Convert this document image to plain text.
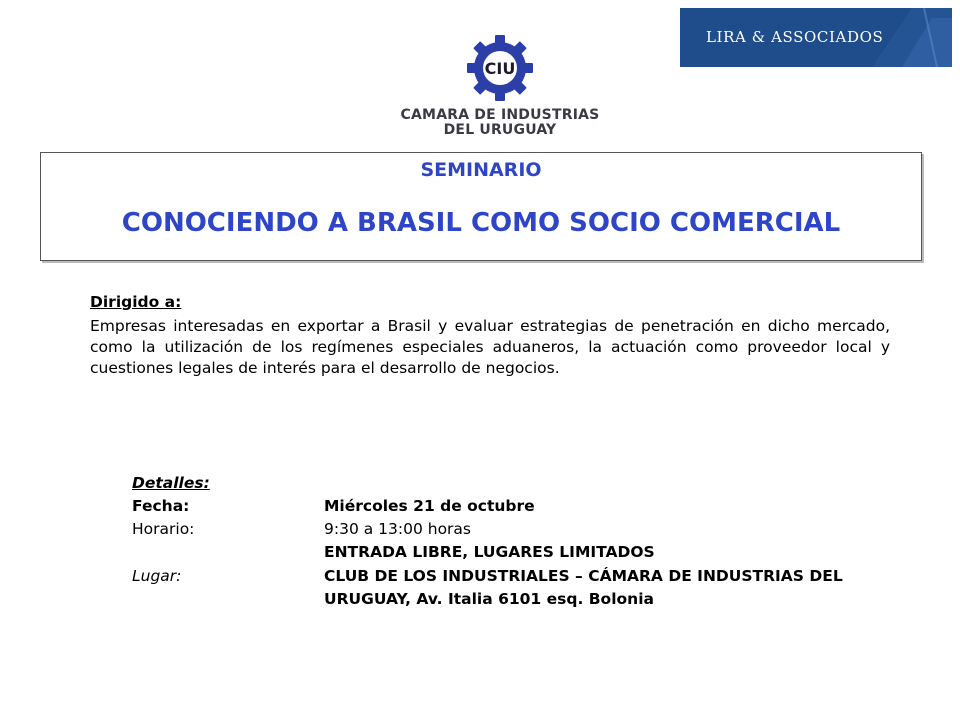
CIU
CAMARA DE INDUSTRIAS
DEL URUGUAY
LIRA & ASSOCIADOS
SEMINARIO
CONOCIENDO A BRASIL COMO SOCIO COMERCIAL
Dirigido a:
Empresas interesadas en exportar a Brasil y evaluar estrategias de penetración en dicho mercado, como la utilización de los regímenes especiales aduaneros, la actuación como proveedor local y cuestiones legales de interés para el desarrollo de negocios.
Detalles:
Fecha:	Miércoles 21 de octubre
Horario:	9:30 a 13:00 horas
ENTRADA LIBRE, LUGARES LIMITADOS
Lugar:	CLUB DE LOS INDUSTRIALES – CÁMARA DE INDUSTRIAS DEL
URUGUAY, Av. Italia 6101 esq. Bolonia
